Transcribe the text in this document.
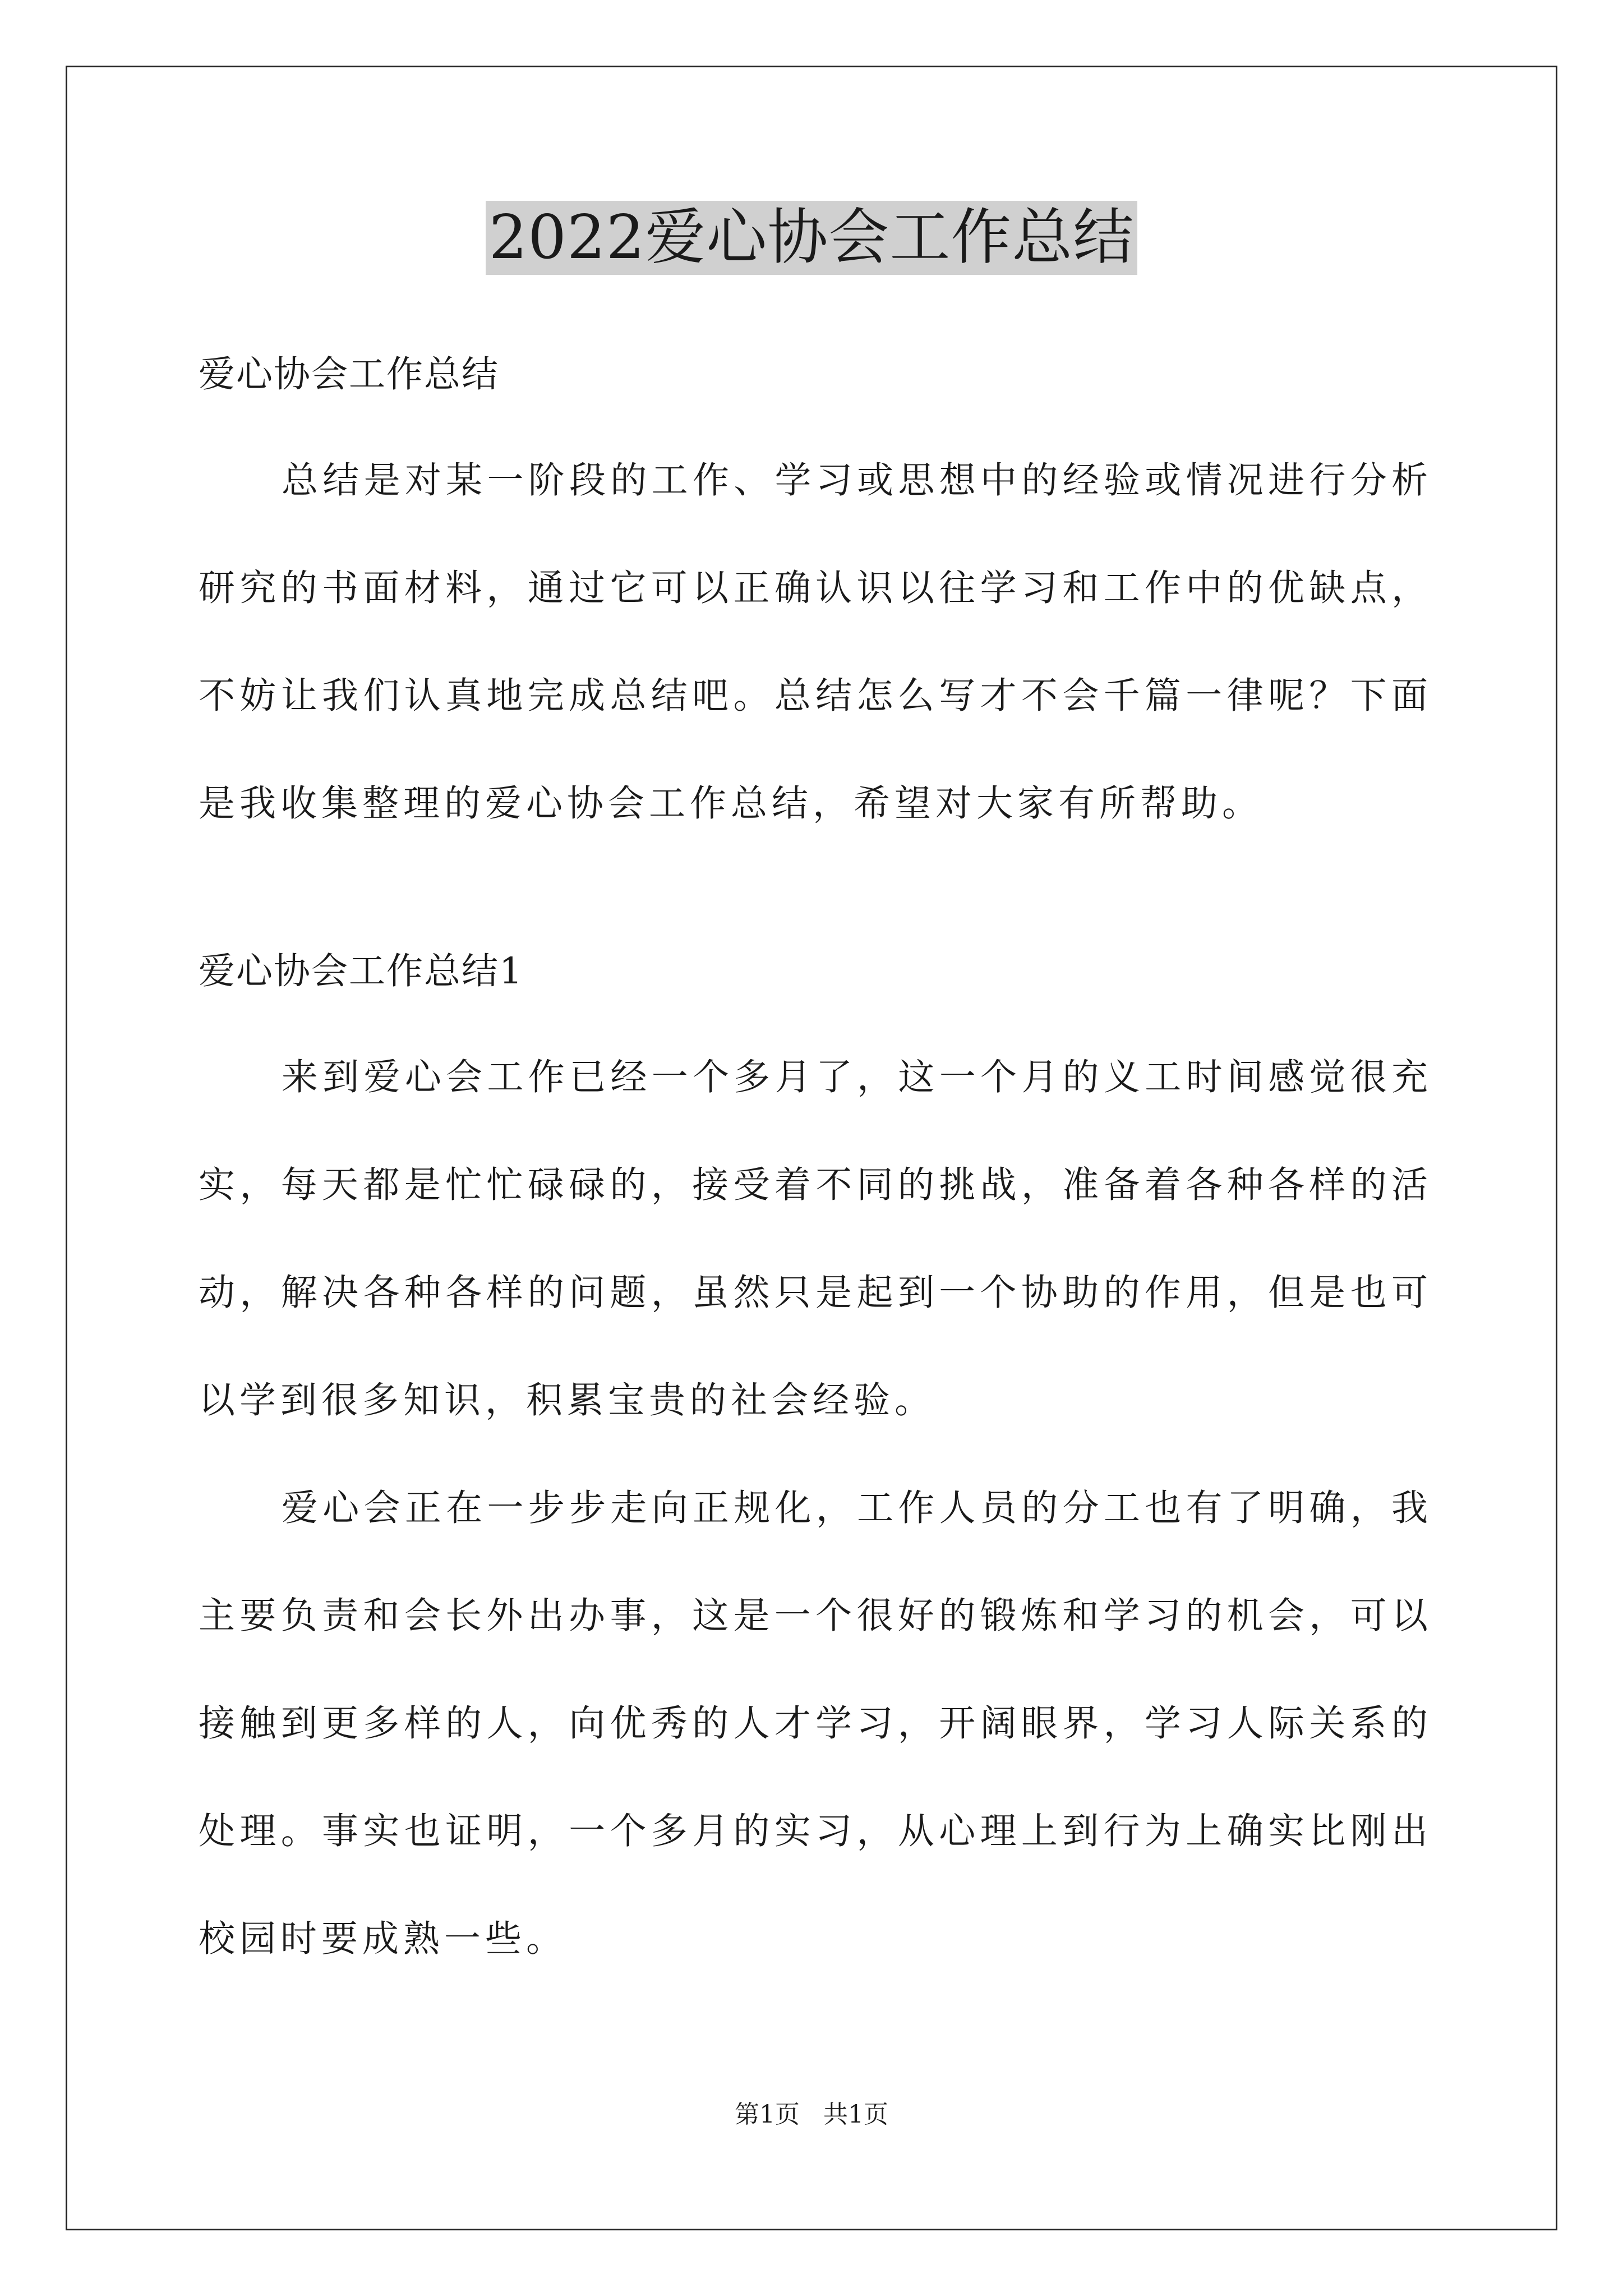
2022爱心协会工作总结

爱心协会工作总结

总结是对某一阶段的工作、学习或思想中的经验或情况进行分析研究的书面材料，通过它可以正确认识以往学习和工作中的优缺点，不妨让我们认真地完成总结吧。总结怎么写才不会千篇一律呢？下面是我收集整理的爱心协会工作总结，希望对大家有所帮助。

爱心协会工作总结1

来到爱心会工作已经一个多月了，这一个月的义工时间感觉很充实，每天都是忙忙碌碌的，接受着不同的挑战，准备着各种各样的活动，解决各种各样的问题，虽然只是起到一个协助的作用，但是也可以学到很多知识，积累宝贵的社会经验。

爱心会正在一步步走向正规化，工作人员的分工也有了明确，我主要负责和会长外出办事，这是一个很好的锻炼和学习的机会，可以接触到更多样的人，向优秀的人才学习，开阔眼界，学习人际关系的处理。事实也证明，一个多月的实习，从心理上到行为上确实比刚出校园时要成熟一些。

第1页 共1页
